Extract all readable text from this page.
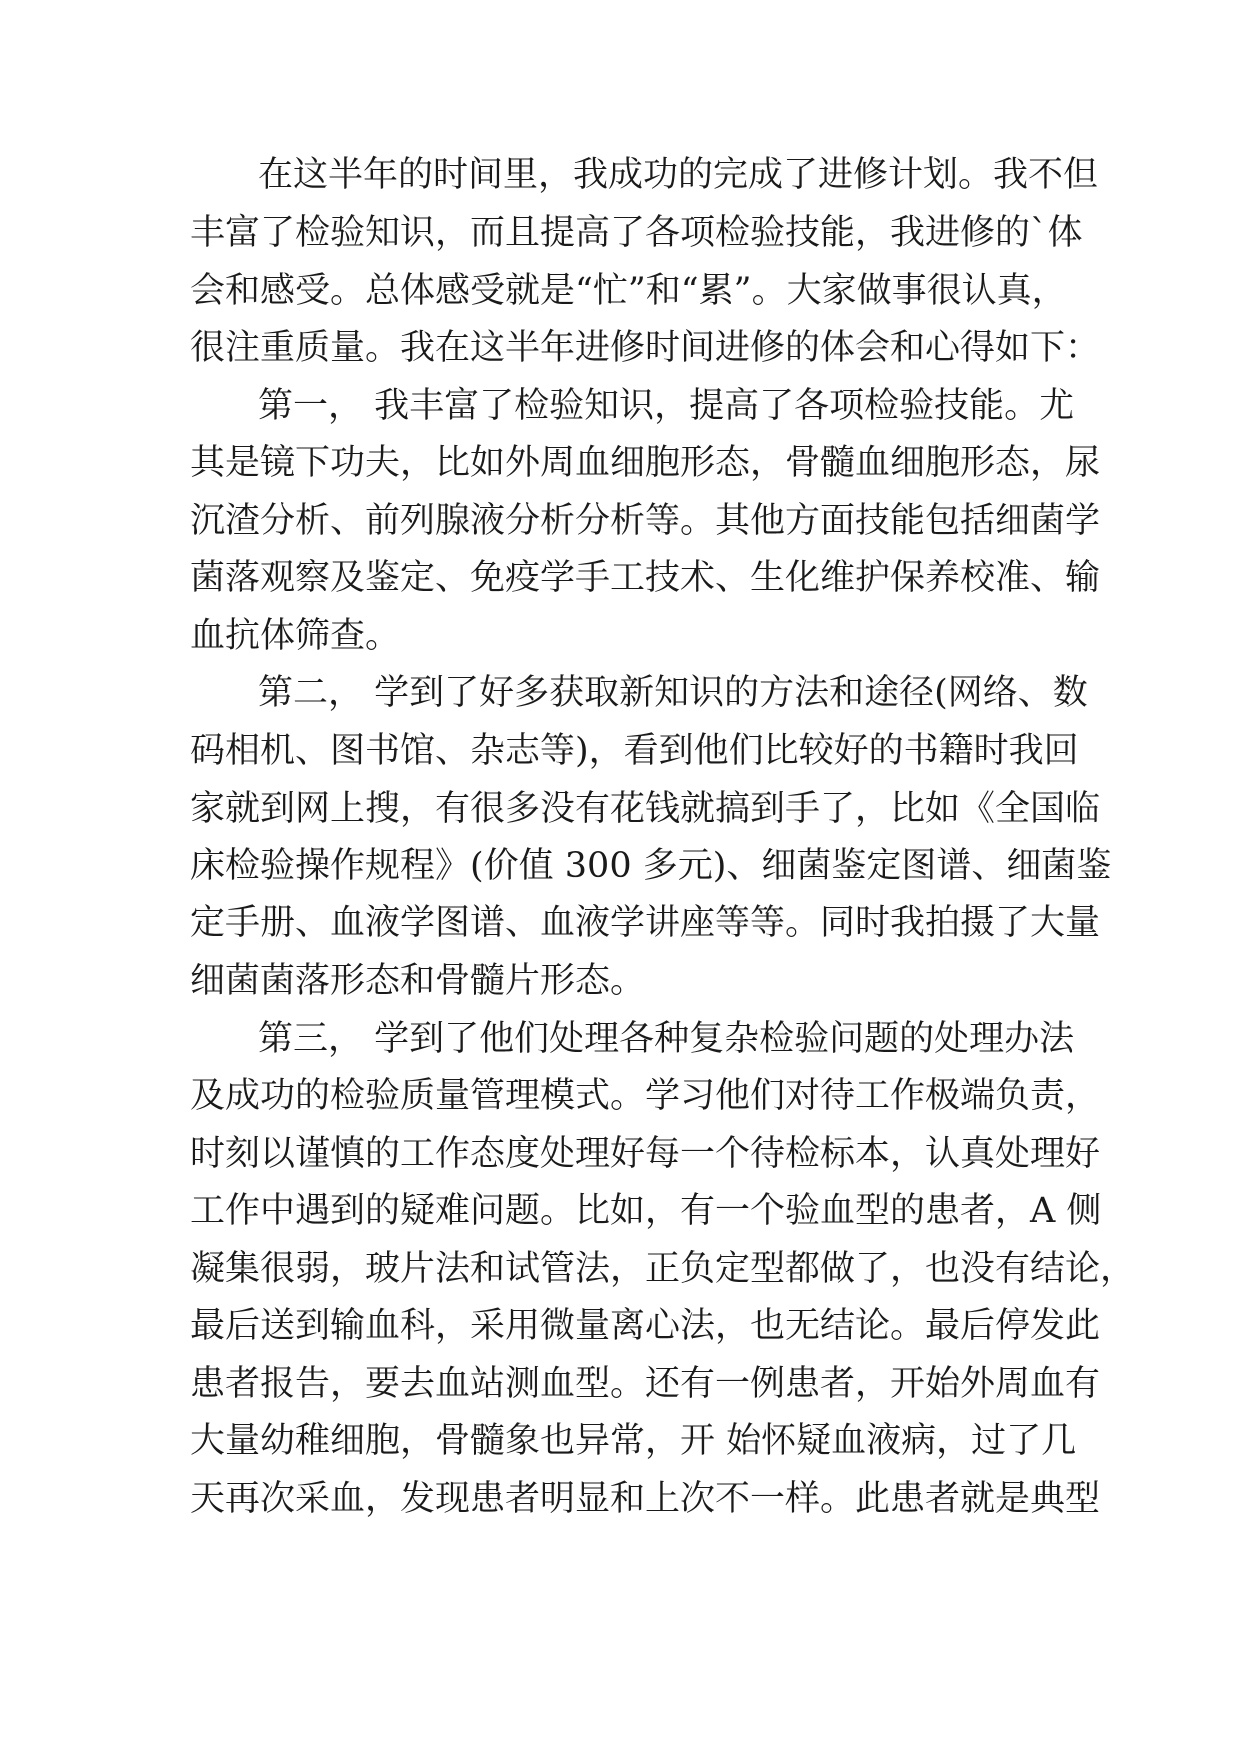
在这半年的时间里，我成功的完成了进修计划。我不但

丰富了检验知识，而且提高了各项检验技能，我进修的`体

会和感受。总体感受就是“忙”和“累”。大家做事很认真，

很注重质量。我在这半年进修时间进修的体会和心得如下：

第一， 我丰富了检验知识，提高了各项检验技能。尤

其是镜下功夫，比如外周血细胞形态，骨髓血细胞形态，尿

沉渣分析、前列腺液分析分析等。其他方面技能包括细菌学

菌落观察及鉴定、免疫学手工技术、生化维护保养校准、输

血抗体筛查。

第二， 学到了好多获取新知识的方法和途径(网络、数

码相机、图书馆、杂志等)，看到他们比较好的书籍时我回

家就到网上搜，有很多没有花钱就搞到手了，比如《全国临

床检验操作规程》(价值 300 多元)、细菌鉴定图谱、细菌鉴

定手册、血液学图谱、血液学讲座等等。同时我拍摄了大量

细菌菌落形态和骨髓片形态。

第三， 学到了他们处理各种复杂检验问题的处理办法

及成功的检验质量管理模式。学习他们对待工作极端负责，

时刻以谨慎的工作态度处理好每一个待检标本，认真处理好

工作中遇到的疑难问题。比如，有一个验血型的患者，A 侧

凝集很弱，玻片法和试管法，正负定型都做了，也没有结论，

最后送到输血科，采用微量离心法，也无结论。最后停发此

患者报告，要去血站测血型。还有一例患者，开始外周血有

大量幼稚细胞，骨髓象也异常，开 始怀疑血液病，过了几

天再次采血，发现患者明显和上次不一样。此患者就是典型
